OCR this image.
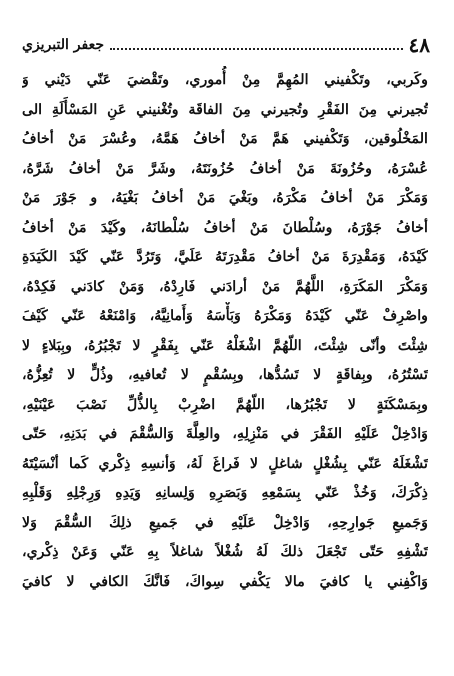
٤٨
جعفر التبريزي
وكَربي، وتَكْفيني المُهِمَّ مِنْ أُموري، وتَقْضيَ عَنّي دَيْني وَ
تُجيرني مِنَ الفَقْرِ وتُجيرني مِنَ الفاقَة وتُغْنيني عَنِ المَسْأَلَةِ الى
المَخْلُوقين، وَتَكْفيني هَمَّ مَنْ أخافُ هَمَّهُ، وعُسْرَ مَنْ أخافُ
عُسْرَهُ، وحُزُونَةَ مَنْ أخافُ حُزُونَتَهُ، وشَرَّ مَنْ أخافُ شَرَّهُ،
وَمَكْرَ مَنْ أخافُ مَكْرَهُ، وبَغْيَ مَنْ أخافُ بَغْيَهُ، و جَوْرَ مَنْ
أخافُ جَوْرَهُ، وسُلْطانَ مَنْ أخافُ سُلْطانَهُ، وكَيْدَ مَنْ أخافُ
كَيْدَهُ، وَمَقْدِرَةَ مَنْ أخافُ مَقْدِرَتَهُ عَلَيَّ، وَتَرُدَّ عَنّي كَيْدَ الكَيَدَةِ
وَمَكْرَ المَكَرَةِ، اللَّهُمَّ مَنْ أرادَني فَارِدْهُ، وَمَنْ كادَني فَكِدْهُ،
واصْرِفْ عَنّي كَيْدَهُ وَمَكْرَهُ وَبَأْسَهُ وَأَمانِيَّهُ، وَامْنَعْهُ عَنّي كَيْفَ
شِئْتَ وأنّى شِئْتَ، اللّهُمَّ اشْغَلْهُ عَنّي بِفَقْرٍ لا تَجْبُرُهُ، وبِبَلاءٍ لا
تَسْتُرُهُ، وبِفاقَةٍ لا تَسُدُّها، وبِسُقْمٍ لا تُعافيهِ، وذُلٍّ لا تُعِزُّهُ،
وبِمَسْكَنَةٍ لا تَجْبُرُها، اللّهُمَّ اضْرِبْ بِالذُّلِّ نَصْبَ عَيْنَيْهِ،
وَادْخِلْ عَلَيْهِ الفَقْرَ في مَنْزِلِهِ، والعِلَّةَ وَالسُّقْمَ في بَدَنِهِ، حَتّى
تَشْغَلَهُ عَنّي بِشُغْلٍ شاغلٍ لا فَراغَ لَهُ، وَأنسِهِ ذِكْري كَما أنْسَيْتَهُ
ذِكْرَكَ، وَخُذْ عَنّي بِسَمْعِهِ وَبَصَرِهِ وَلِسانِهِ وَيَدِهِ وَرِجْلِهِ وَقَلْبِهِ
وَجَميعِ جَوارِحِهِ، وَادْخِلْ عَلَيْهِ في جَميعِ ذلِكَ السُّقْمَ وَلا
تَشْفِهِ حَتّى تَجْعَلَ ذلكَ لَهُ شُغْلاً شاغلاً بِهِ عَنّي وَعَنْ ذِكْري،
وَاكْفِني يا كافيَ مالا يَكْفي سِواكَ، فَانَّكَ الكافي لا كافيَ
